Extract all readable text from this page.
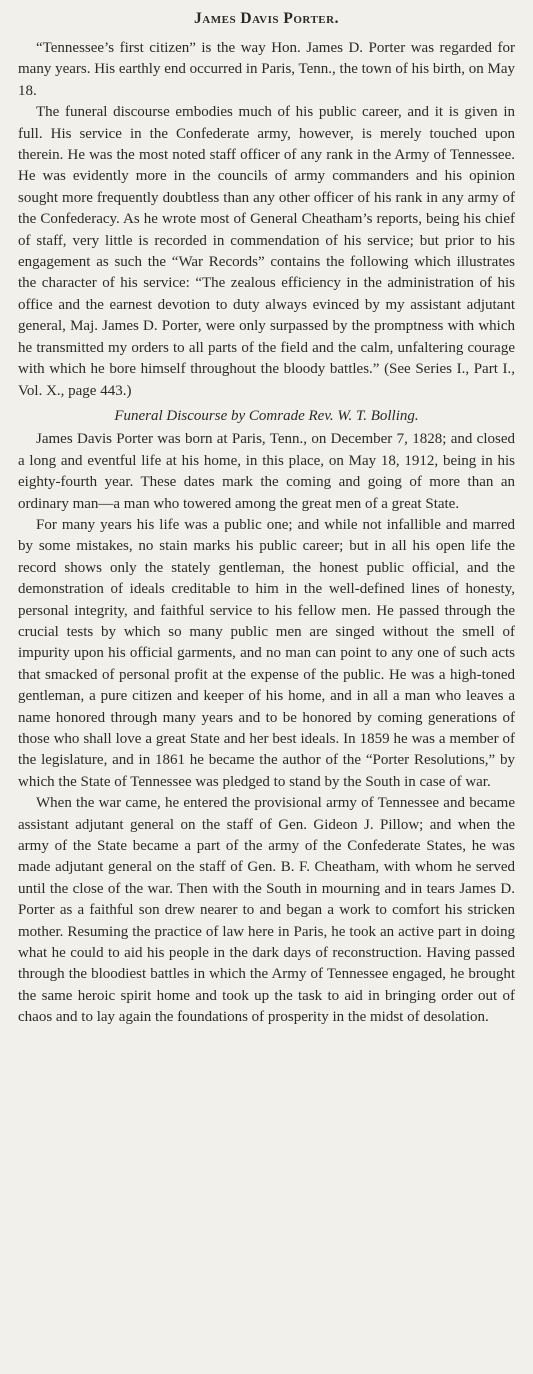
James Davis Porter.

“Tennessee’s first citizen” is the way Hon. James D. Porter was regarded for many years. His earthly end occurred in Paris, Tenn., the town of his birth, on May 18.

The funeral discourse embodies much of his public career, and it is given in full. His service in the Confederate army, however, is merely touched upon therein. He was the most noted staff officer of any rank in the Army of Tennessee. He was evidently more in the councils of army commanders and his opinion sought more frequently doubtless than any other officer of his rank in any army of the Confederacy. As he wrote most of General Cheatham’s reports, being his chief of staff, very little is recorded in commendation of his service; but prior to his engagement as such the “War Records” contains the following which illustrates the character of his service: “The zealous efficiency in the administration of his office and the earnest devotion to duty always evinced by my assistant adjutant general, Maj. James D. Porter, were only surpassed by the promptness with which he transmitted my orders to all parts of the field and the calm, unfaltering courage with which he bore himself throughout the bloody battles.” (See Series I., Part I., Vol. X., page 443.)

Funeral Discourse by Comrade Rev. W. T. Bolling.

James Davis Porter was born at Paris, Tenn., on December 7, 1828; and closed a long and eventful life at his home, in this place, on May 18, 1912, being in his eighty-fourth year. These dates mark the coming and going of more than an ordinary man—a man who towered among the great men of a great State.

For many years his life was a public one; and while not infallible and marred by some mistakes, no stain marks his public career; but in all his open life the record shows only the stately gentleman, the honest public official, and the demonstration of ideals creditable to him in the well-defined lines of honesty, personal integrity, and faithful service to his fellow men. He passed through the crucial tests by which so many public men are singed without the smell of impurity upon his official garments, and no man can point to any one of such acts that smacked of personal profit at the expense of the public. He was a high-toned gentleman, a pure citizen and keeper of his home, and in all a man who leaves a name honored through many years and to be honored by coming generations of those who shall love a great State and her best ideals. In 1859 he was a member of the legislature, and in 1861 he became the author of the “Porter Resolutions,” by which the State of Tennessee was pledged to stand by the South in case of war.

When the war came, he entered the provisional army of Tennessee and became assistant adjutant general on the staff of Gen. Gideon J. Pillow; and when the army of the State became a part of the army of the Confederate States, he was made adjutant general on the staff of Gen. B. F. Cheatham, with whom he served until the close of the war. Then with the South in mourning and in tears James D. Porter as a faithful son drew nearer to and began a work to comfort his stricken mother. Resuming the practice of law here in Paris, he took an active part in doing what he could to aid his people in the dark days of reconstruction. Having passed through the bloodiest battles in which the Army of Tennessee engaged, he brought the same heroic spirit home and took up the task to aid in bringing order out of chaos and to lay again the foundations of prosperity in the midst of desolation.
